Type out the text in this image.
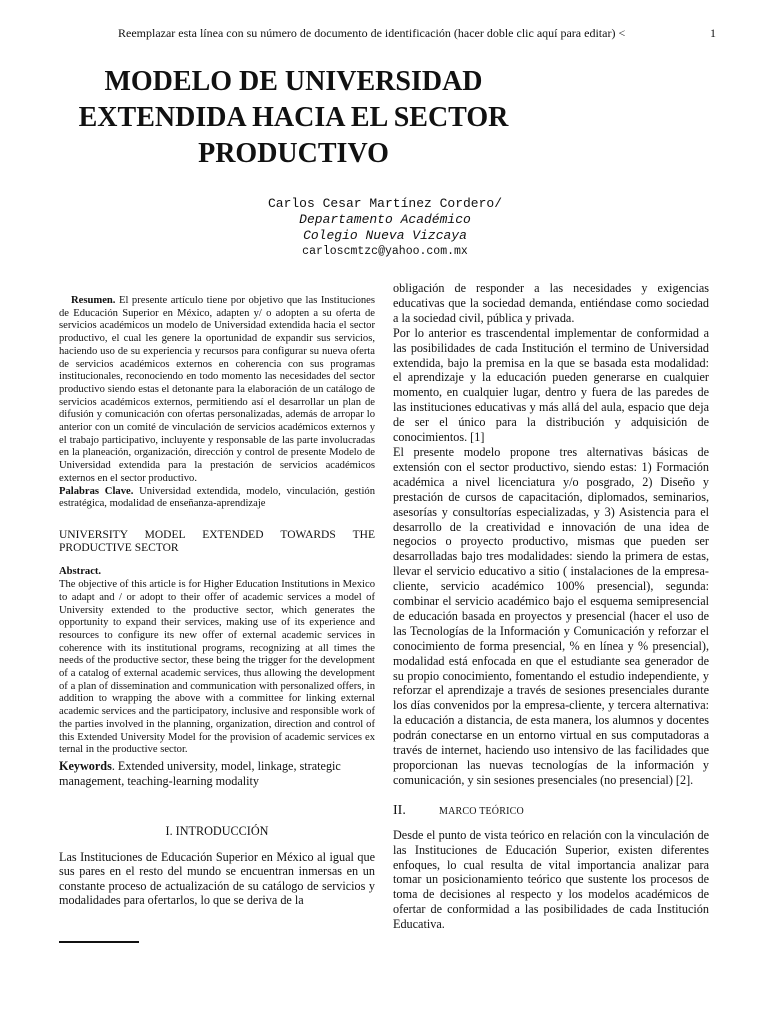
Reemplazar esta línea con su número de documento de identificación (hacer doble clic aquí para editar) <	1
MODELO DE UNIVERSIDAD
EXTENDIDA HACIA EL SECTOR
PRODUCTIVO
Carlos Cesar Martínez Cordero/
Departamento Académico
Colegio Nueva Vizcaya
carloscmtzc@yahoo.com.mx

Resumen. El presente artículo tiene por objetivo que las Instituciones de Educación Superior en México, adapten y/ o adopten a su oferta de servicios académicos un modelo de Universidad extendida hacia el sector productivo, el cual les genere la oportunidad de expandir sus servicios, haciendo uso de su experiencia y recursos para configurar su nueva oferta de servicios académicos externos en coherencia con sus programas institucionales, reconociendo en todo momento las necesidades del sector productivo siendo estas el detonante para la elaboración de un catálogo de servicios académicos externos, permitiendo así el desarrollar un plan de difusión y comunicación con ofertas personalizadas, además de arropar lo anterior con un comité de vinculación de servicios académicos externos y el trabajo participativo, incluyente y responsable de las parte involucradas en la planeación, organización, dirección y control de presente Modelo de Universidad extendida para la prestación de servicios académicos externos en el sector productivo.

Palabras Clave. Universidad extendida, modelo, vinculación, gestión estratégica, modalidad de enseñanza-aprendizaje

UNIVERSITY MODEL EXTENDED TOWARDS THE PRODUCTIVE SECTOR

Abstract.

The objective of this article is for Higher Education Institutions in Mexico to adapt and / or adopt to their offer of academic services a model of University extended to the productive sector, which generates the opportunity to expand their services, making use of its experience and resources to configure its new offer of external academic services in coherence with its institutional programs, recognizing at all times the needs of the productive sector, these being the trigger for the development of a catalog of external academic services, thus allowing the development of a plan of dissemination and communication with personalized offers, in addition to wrapping the above with a committee for linking external academic services and the participatory, inclusive and responsible work of the parties involved in the planning, organization, direction and control of this Extended University Model for the provision of academic services ex ternal in the productive sector.

Keywords. Extended university, model, linkage, strategic management, teaching-learning modality

I. INTRODUCCIÓN

Las Instituciones de Educación Superior en México al igual que sus pares en el resto del mundo se encuentran inmersas en un constante proceso de actualización de su catálogo de servicios y modalidades para ofertarlos, lo que se deriva de la

obligación de responder a las necesidades y exigencias educativas que la sociedad demanda, entiéndase como sociedad a la sociedad civil, pública y privada.

Por lo anterior es trascendental implementar de conformidad a las posibilidades de cada Institución el termino de Universidad extendida, bajo la premisa en la que se basada esta modalidad: el aprendizaje y la educación pueden generarse en cualquier momento, en cualquier lugar, dentro y fuera de las paredes de las instituciones educativas y más allá del aula, espacio que deja de ser el único para la distribución y adquisición de conocimientos. [1]

El presente modelo propone tres alternativas básicas de extensión con el sector productivo, siendo estas: 1) Formación académica a nivel licenciatura y/o posgrado, 2) Diseño y prestación de cursos de capacitación, diplomados, seminarios, asesorías y consultorías especializadas, y 3) Asistencia para el desarrollo de la creatividad e innovación de una idea de negocios o proyecto productivo, mismas que pueden ser desarrolladas bajo tres modalidades: siendo la primera de estas, llevar el servicio educativo a sitio ( instalaciones de la empresa-cliente, servicio académico 100% presencial), segunda: combinar el servicio académico bajo el esquema semipresencial de educación basada en proyectos y presencial (hacer el uso de las Tecnologías de la Información y Comunicación y reforzar el conocimiento de forma presencial, % en línea y % presencial), modalidad está enfocada en que el estudiante sea generador de su propio conocimiento, fomentando el estudio independiente, y reforzar el aprendizaje a través de sesiones presenciales durante los días convenidos por la empresa-cliente, y tercera alternativa: la educación a distancia, de esta manera, los alumnos y docentes podrán conectarse en un entorno virtual en sus computadoras a través de internet, haciendo uso intensivo de las facilidades que proporcionan las nuevas tecnologías de la información y comunicación, y sin sesiones presenciales (no presencial) [2].

II.	MARCO TEÓRICO

Desde el punto de vista teórico en relación con la vinculación de las Instituciones de Educación Superior, existen diferentes enfoques, lo cual resulta de vital importancia analizar para tomar un posicionamiento teórico que sustente los procesos de toma de decisiones al respecto y los modelos académicos de ofertar de conformidad a las posibilidades de cada Institución Educativa.
